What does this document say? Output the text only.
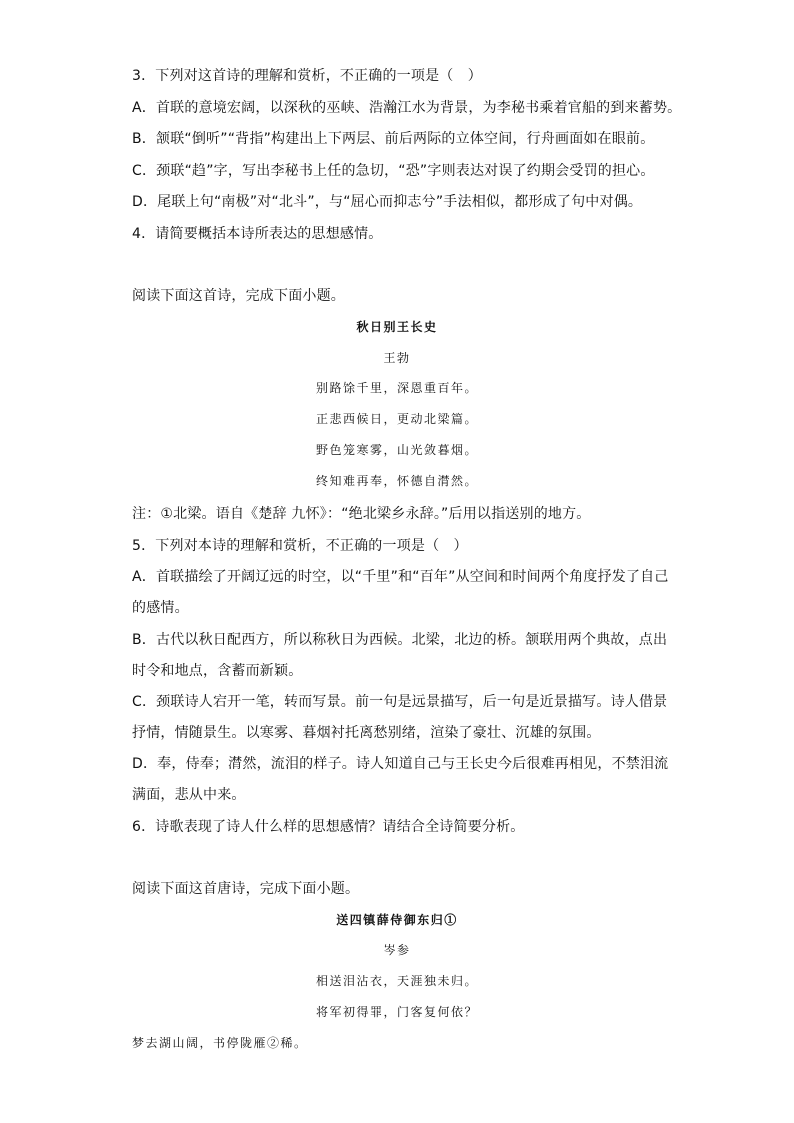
3．下列对这首诗的理解和赏析，不正确的一项是（　）
A．首联的意境宏阔，以深秋的巫峡、浩瀚江水为背景，为李秘书乘着官船的到来蓄势。
B．颔联“倒听”“背指”构建出上下两层、前后两际的立体空间，行舟画面如在眼前。
C．颈联“趋”字，写出李秘书上任的急切，“恐”字则表达对误了约期会受罚的担心。
D．尾联上句“南极”对“北斗”，与“屈心而抑志兮”手法相似，都形成了句中对偶。
4．请简要概括本诗所表达的思想感情。
阅读下面这首诗，完成下面小题。
秋日别王长史
王勃
别路馀千里，深恩重百年。
正悲西候日，更动北梁篇。
野色笼寒雾，山光敛暮烟。
终知难再奉，怀德自潸然。
注：①北梁。语自《楚辞 九怀》：“绝北梁乡永辞。”后用以指送别的地方。
5．下列对本诗的理解和赏析，不正确的一项是（　）
A．首联描绘了开阔辽远的时空，以“千里”和“百年”从空间和时间两个角度抒发了自己
的感情。
B．古代以秋日配西方，所以称秋日为西候。北梁，北边的桥。颔联用两个典故，点出
时令和地点，含蓄而新颖。
C．颈联诗人宕开一笔，转而写景。前一句是远景描写，后一句是近景描写。诗人借景
抒情，情随景生。以寒雾、暮烟衬托离愁别绪，渲染了豪壮、沉雄的氛围。
D．奉，侍奉；潸然，流泪的样子。诗人知道自己与王长史今后很难再相见，不禁泪流
满面，悲从中来。
6．诗歌表现了诗人什么样的思想感情？请结合全诗简要分析。
阅读下面这首唐诗，完成下面小题。
送四镇薛侍御东归①
岑参
相送泪沾衣，天涯独未归。
将军初得罪，门客复何依？
梦去湖山阔，书停陇雁②稀。
